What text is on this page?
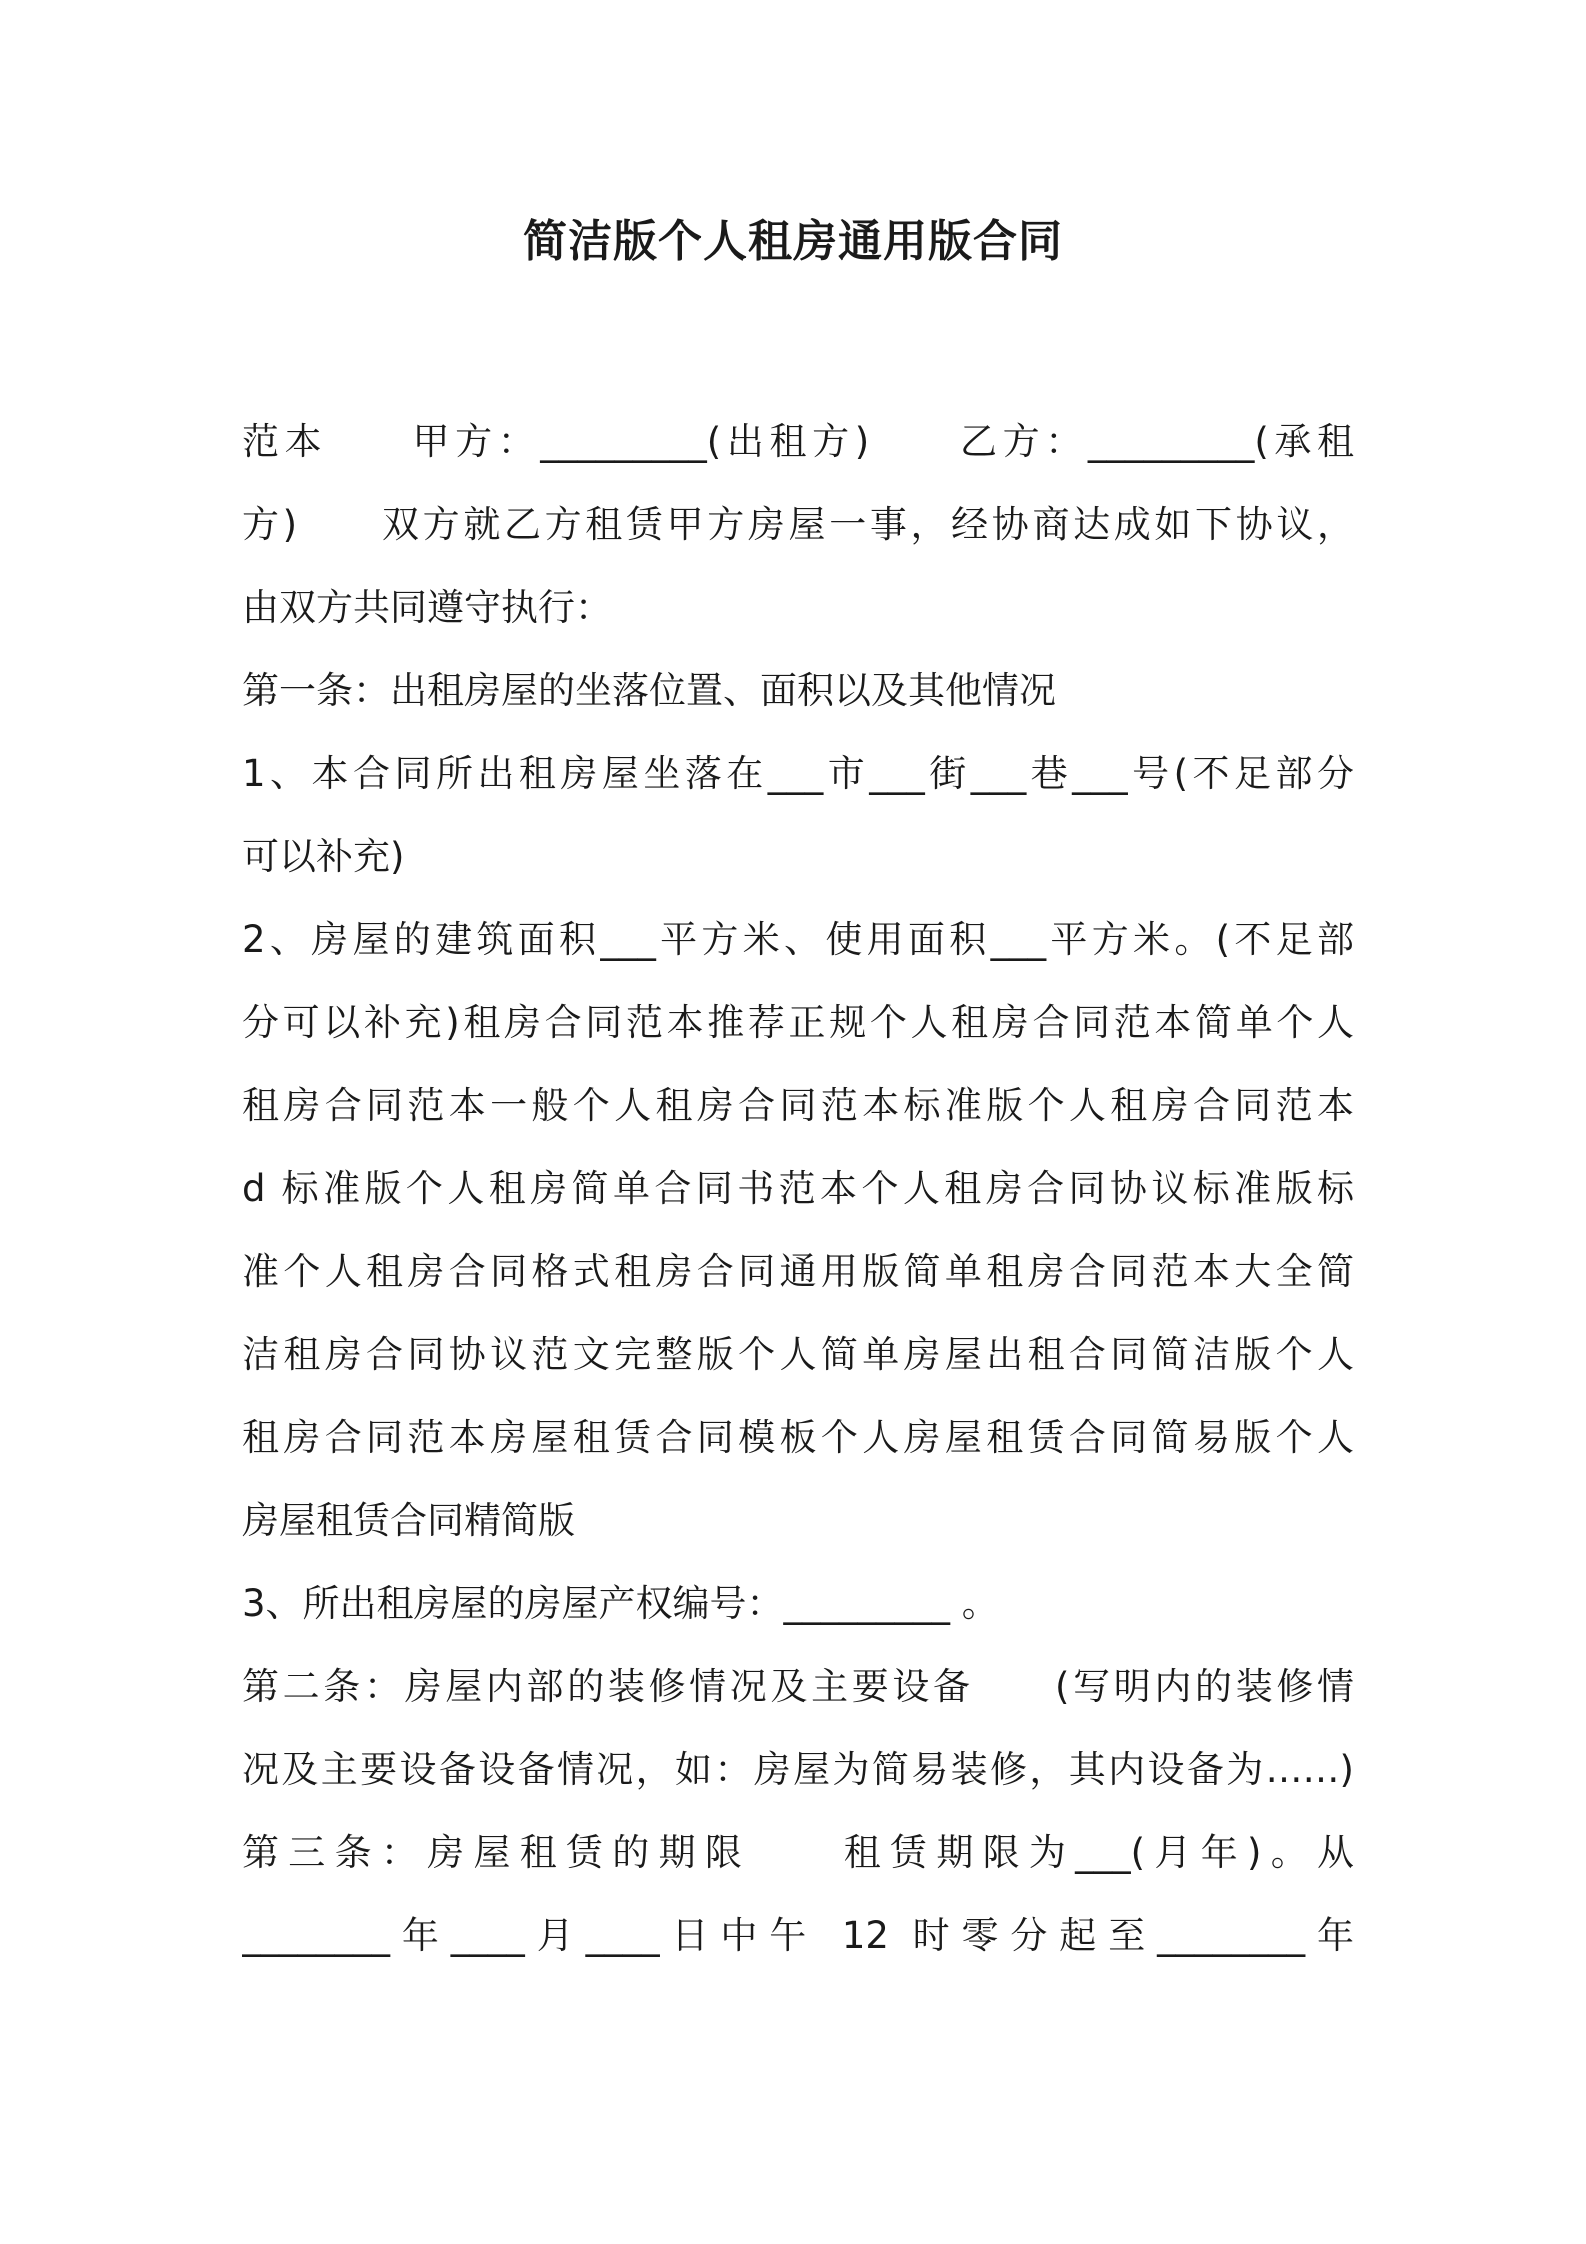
简洁版个人租房通用版合同
范本　　甲方：_________(出租方)　　乙方：_________(承租
方)　　双方就乙方租赁甲方房屋一事，经协商达成如下协议，
由双方共同遵守执行：
第一条：出租房屋的坐落位置、面积以及其他情况
1、本合同所出租房屋坐落在___市___街___巷___号(不足部分
可以补充)
2、房屋的建筑面积___平方米、使用面积___平方米。(不足部
分可以补充)租房合同范本推荐正规个人租房合同范本简单个人
租房合同范本一般个人租房合同范本标准版个人租房合同范本
d 标准版个人租房简单合同书范本个人租房合同协议标准版标
准个人租房合同格式租房合同通用版简单租房合同范本大全简
洁租房合同协议范文完整版个人简单房屋出租合同简洁版个人
租房合同范本房屋租赁合同模板个人房屋租赁合同简易版个人
房屋租赁合同精简版
3、所出租房屋的房屋产权编号：_________ 。
第二条：房屋内部的装修情况及主要设备　　(写明内的装修情
况及主要设备设备情况，如：房屋为简易装修，其内设备为……)
第三条：房屋租赁的期限　　租赁期限为___(月年)。从
________年____月____日中午 12 时零分起至________年
